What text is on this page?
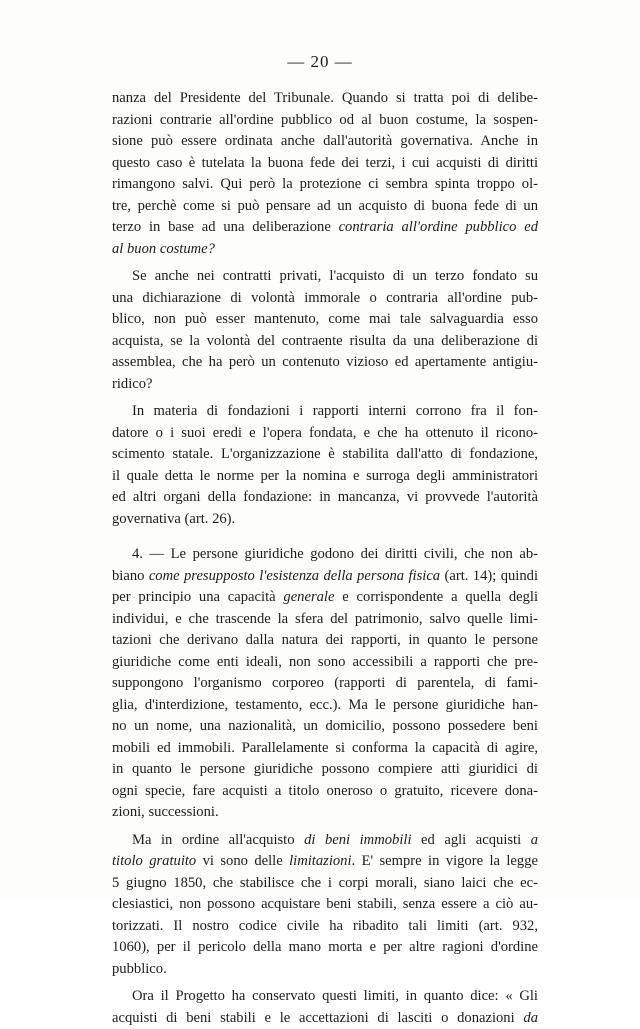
— 20 —
nanza del Presidente del Tribunale. Quando si tratta poi di delibe-
razioni contrarie all'ordine pubblico od al buon costume, la sospen-
sione può essere ordinata anche dall'autorità governativa. Anche in
questo caso è tutelata la buona fede dei terzi, i cui acquisti di diritti
rimangono salvi. Qui però la protezione ci sembra spinta troppo ol-
tre, perchè come si può pensare ad un acquisto di buona fede di un
terzo in base ad una deliberazione contraria all'ordine pubblico ed
al buon costume?
Se anche nei contratti privati, l'acquisto di un terzo fondato su
una dichiarazione di volontà immorale o contraria all'ordine pub-
blico, non può esser mantenuto, come mai tale salvaguardia esso
acquista, se la volontà del contraente risulta da una deliberazione di
assemblea, che ha però un contenuto vizioso ed apertamente antigiu-
ridico?
In materia di fondazioni i rapporti interni corrono fra il fon-
datore o i suoi eredi e l'opera fondata, e che ha ottenuto il ricono-
scimento statale. L'organizzazione è stabilita dall'atto di fondazione,
il quale detta le norme per la nomina e surroga degli amministratori
ed altri organi della fondazione: in mancanza, vi provvede l'autorità
governativa (art. 26).
4. — Le persone giuridiche godono dei diritti civili, che non ab-
biano come presupposto l'esistenza della persona fisica (art. 14); quindi
per principio una capacità generale e corrispondente a quella degli
individui, e che trascende la sfera del patrimonio, salvo quelle limi-
tazioni che derivano dalla natura dei rapporti, in quanto le persone
giuridiche come enti ideali, non sono accessibili a rapporti che pre-
suppongono l'organismo corporeo (rapporti di parentela, di fami-
glia, d'interdizione, testamento, ecc.). Ma le persone giuridiche han-
no un nome, una nazionalità, un domicilio, possono possedere beni
mobili ed immobili. Parallelamente si conforma la capacità di agire,
in quanto le persone giuridiche possono compiere atti giuridici di
ogni specie, fare acquisti a titolo oneroso o gratuito, ricevere dona-
zioni, successioni.
Ma in ordine all'acquisto di beni immobili ed agli acquisti a
titolo gratuito vi sono delle limitazioni. E' sempre in vigore la legge
5 giugno 1850, che stabilisce che i corpi morali, siano laici che ec-
clesiastici, non possono acquistare beni stabili, senza essere a ciò au-
torizzati. Il nostro codice civile ha ribadito tali limiti (art. 932,
1060), per il pericolo della mano morta e per altre ragioni d'ordine
pubblico.
Ora il Progetto ha conservato questi limiti, in quanto dice: « Gli
acquisti di beni stabili e le accettazioni di lasciti o donazioni da
